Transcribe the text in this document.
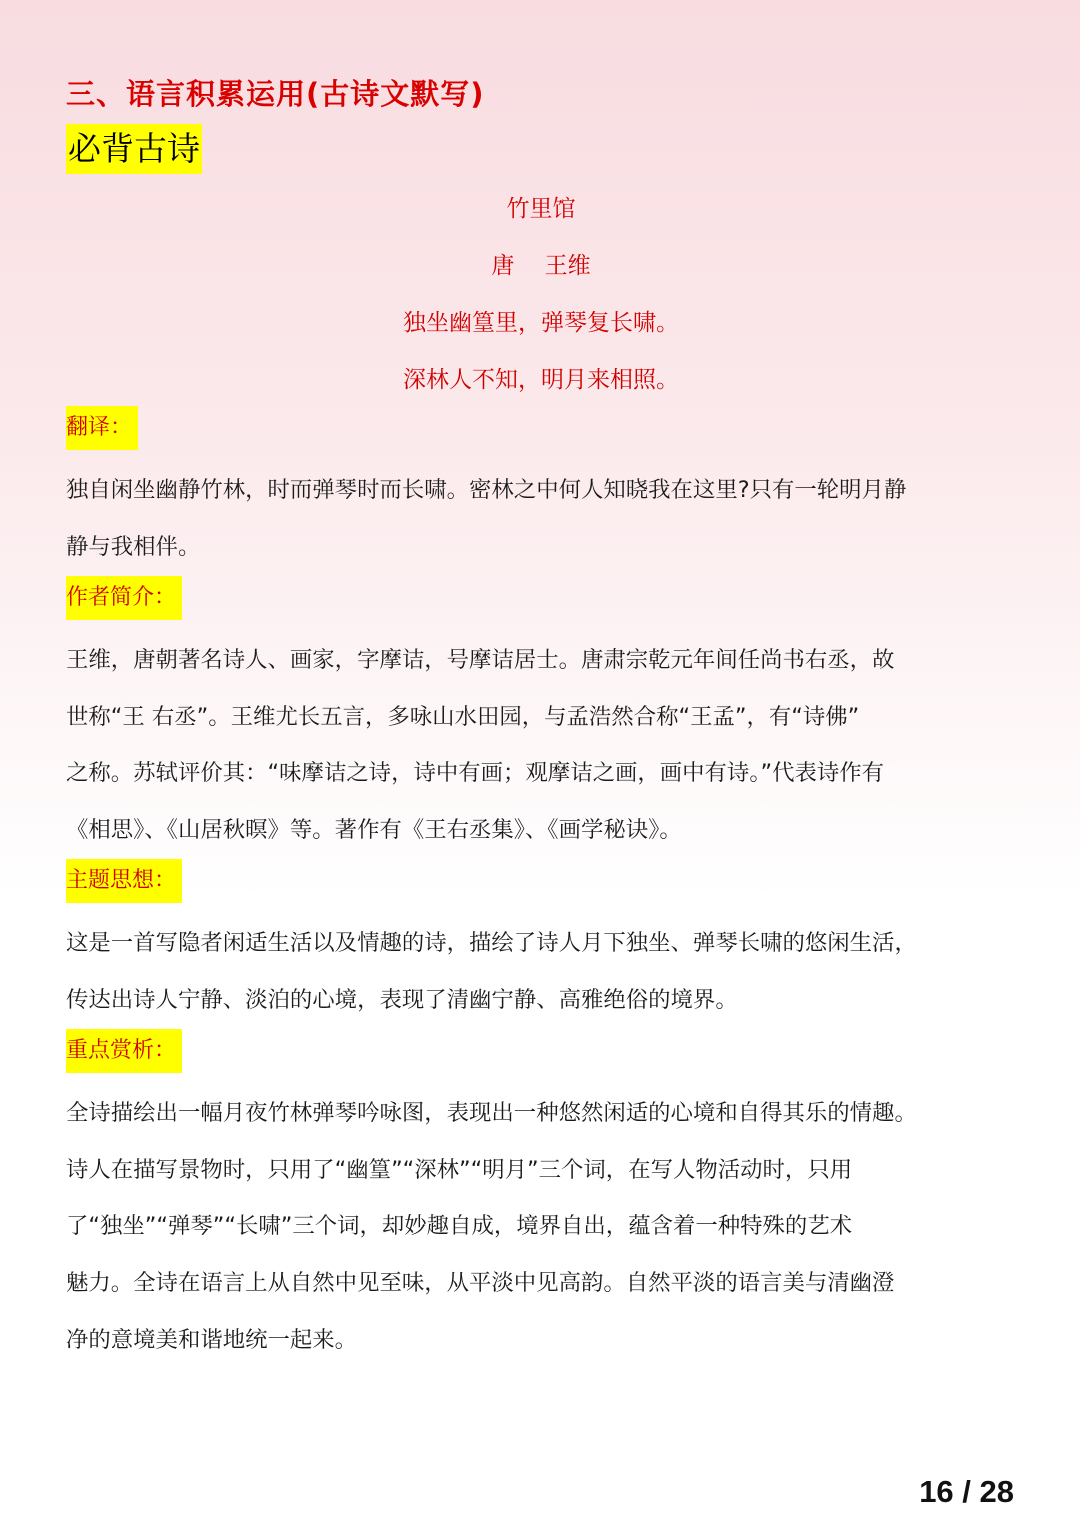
三、语言积累运用(古诗文默写)
必背古诗
竹里馆
唐　 王维
独坐幽篁里，弹琴复长啸。
深林人不知，明月来相照。
翻译：
独自闲坐幽静竹林，时而弹琴时而长啸。密林之中何人知晓我在这里?只有一轮明月静
静与我相伴。
作者简介：
王维，唐朝著名诗人、画家，字摩诘，号摩诘居士。唐肃宗乾元年间任尚书右丞，故
世称“王 右丞”。王维尤长五言，多咏山水田园，与孟浩然合称“王孟”，有“诗佛”
之称。苏轼评价其：“味摩诘之诗，诗中有画；观摩诘之画，画中有诗。”代表诗作有
《相思》、《山居秋暝》等。著作有《王右丞集》、《画学秘诀》。
主题思想：
这是一首写隐者闲适生活以及情趣的诗，描绘了诗人月下独坐、弹琴长啸的悠闲生活，
传达出诗人宁静、淡泊的心境，表现了清幽宁静、高雅绝俗的境界。
重点赏析：
全诗描绘出一幅月夜竹林弹琴吟咏图，表现出一种悠然闲适的心境和自得其乐的情趣。
诗人在描写景物时，只用了“幽篁”“深林”“明月”三个词，在写人物活动时，只用
了“独坐”“弹琴”“长啸”三个词，却妙趣自成，境界自出，蕴含着一种特殊的艺术
魅力。全诗在语言上从自然中见至味，从平淡中见高韵。自然平淡的语言美与清幽澄
净的意境美和谐地统一起来。
16 / 28
